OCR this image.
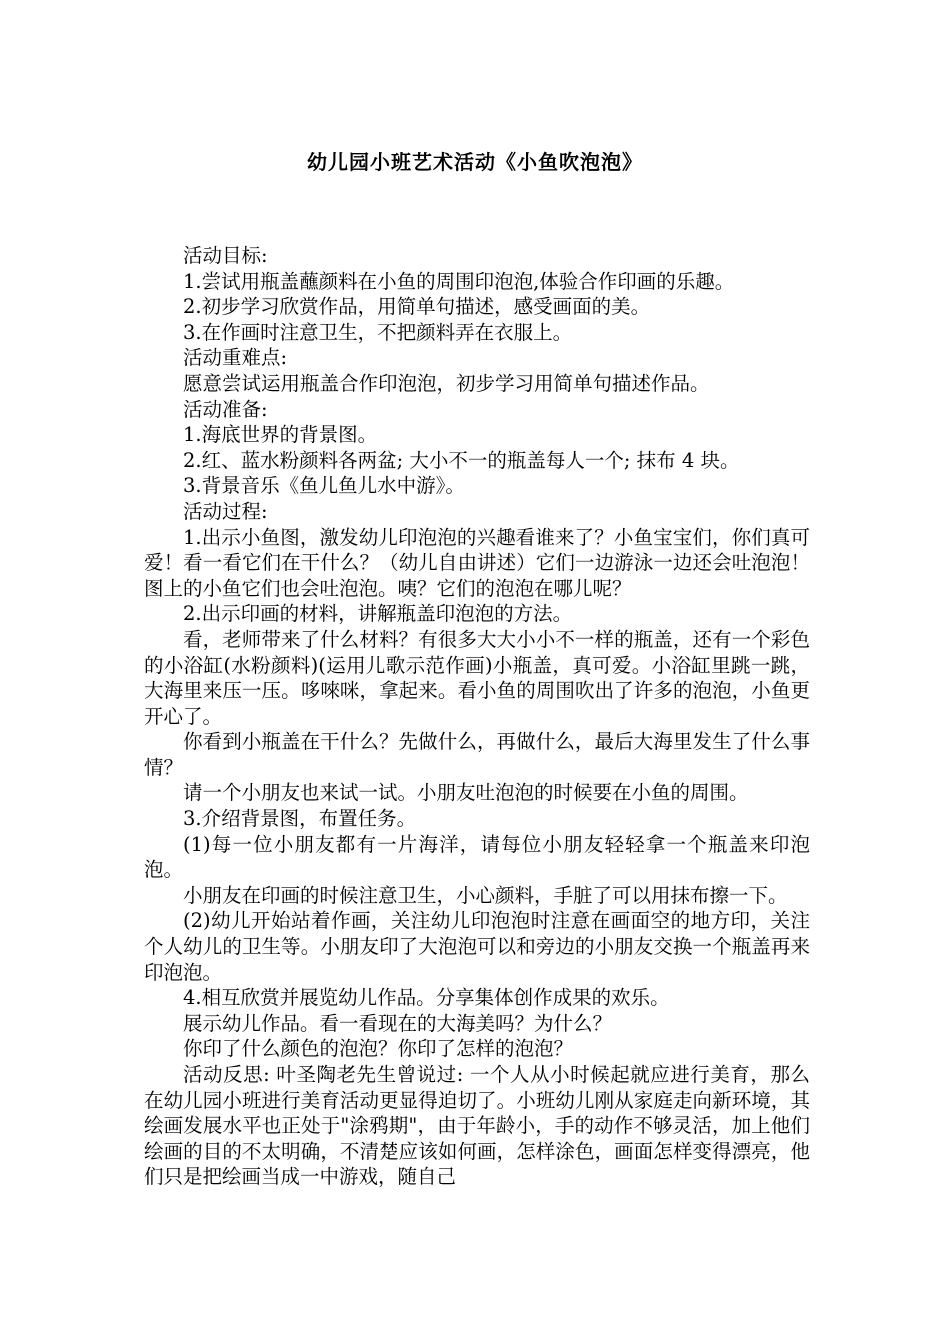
幼儿园小班艺术活动《小鱼吹泡泡》

活动目标:

1.尝试用瓶盖蘸颜料在小鱼的周围印泡泡,体验合作印画的乐趣。

2.初步学习欣赏作品，用简单句描述，感受画面的美。

3.在作画时注意卫生，不把颜料弄在衣服上。

活动重难点:

愿意尝试运用瓶盖合作印泡泡，初步学习用简单句描述作品。

活动准备:

1.海底世界的背景图。

2.红、蓝水粉颜料各两盆; 大小不一的瓶盖每人一个; 抹布 4 块。

3.背景音乐《鱼儿鱼儿水中游》。

活动过程:

1.出示小鱼图，激发幼儿印泡泡的兴趣看谁来了？小鱼宝宝们，你们真可爱！看一看它们在干什么？（幼儿自由讲述）它们一边游泳一边还会吐泡泡！图上的小鱼它们也会吐泡泡。咦？它们的泡泡在哪儿呢？

2.出示印画的材料，讲解瓶盖印泡泡的方法。

看，老师带来了什么材料？有很多大大小小不一样的瓶盖，还有一个彩色的小浴缸(水粉颜料)(运用儿歌示范作画)小瓶盖，真可爱。小浴缸里跳一跳，大海里来压一压。哆唻咪，拿起来。看小鱼的周围吹出了许多的泡泡，小鱼更开心了。

你看到小瓶盖在干什么？先做什么，再做什么，最后大海里发生了什么事情？

请一个小朋友也来试一试。小朋友吐泡泡的时候要在小鱼的周围。

3.介绍背景图，布置任务。

(1)每一位小朋友都有一片海洋，请每位小朋友轻轻拿一个瓶盖来印泡泡。

小朋友在印画的时候注意卫生，小心颜料，手脏了可以用抹布擦一下。

(2)幼儿开始站着作画，关注幼儿印泡泡时注意在画面空的地方印，关注个人幼儿的卫生等。小朋友印了大泡泡可以和旁边的小朋友交换一个瓶盖再来印泡泡。

4.相互欣赏并展览幼儿作品。分享集体创作成果的欢乐。

展示幼儿作品。看一看现在的大海美吗？为什么？

你印了什么颜色的泡泡？你印了怎样的泡泡？

活动反思: 叶圣陶老先生曾说过: 一个人从小时候起就应进行美育，那么在幼儿园小班进行美育活动更显得迫切了。小班幼儿刚从家庭走向新环境，其绘画发展水平也正处于"涂鸦期"，由于年龄小，手的动作不够灵活，加上他们绘画的目的不太明确，不清楚应该如何画，怎样涂色，画面怎样变得漂亮，他们只是把绘画当成一中游戏，随自己
